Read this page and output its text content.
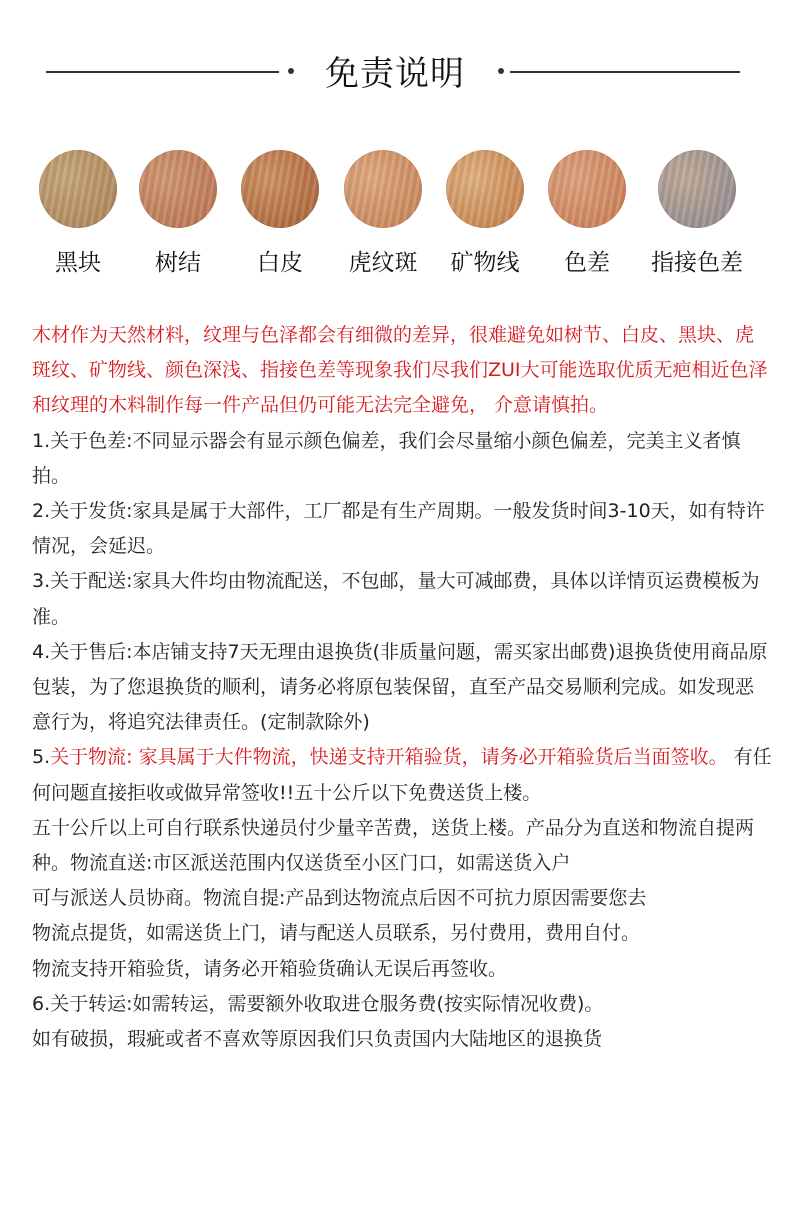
免责说明
黑块	树结	白皮	虎纹斑	矿物线	色差	指接色差

木材作为天然材料，纹理与色泽都会有细微的差异，很难避免如树节、白皮、黑块、虎斑纹、矿物线、颜色深浅、指接色差等现象我们尽我们ZUI大可能选取优质无疤相近色泽和纹理的木料制作每一件产品但仍可能无法完全避免， 介意请慎拍。

1.关于色差:不同显示器会有显示颜色偏差，我们会尽量缩小颜色偏差，完美主义者慎拍。

2.关于发货:家具是属于大部件，工厂都是有生产周期。一般发货时间3-10天，如有特许情况，会延迟。

3.关于配送:家具大件均由物流配送，不包邮，量大可减邮费，具体以详情页运费模板为准。

4.关于售后:本店铺支持7天无理由退换货(非质量问题，需买家出邮费)退换货使用商品原包装，为了您退换货的顺利，请务必将原包装保留，直至产品交易顺利完成。如发现恶意行为，将追究法律责任。(定制款除外)

5.关于物流: 家具属于大件物流，快递支持开箱验货，请务必开箱验货后当面签收。 有任何问题直接拒收或做异常签收!!五十公斤以下免费送货上楼。

五十公斤以上可自行联系快递员付少量辛苦费，送货上楼。产品分为直送和物流自提两种。物流直送:市区派送范围内仅送货至小区门口，如需送货入户

可与派送人员协商。物流自提:产品到达物流点后因不可抗力原因需要您去

物流点提货，如需送货上门，请与配送人员联系，另付费用，费用自付。

物流支持开箱验货，请务必开箱验货确认无误后再签收。

6.关于转运:如需转运，需要额外收取进仓服务费(按实际情况收费)。

如有破损，瑕疵或者不喜欢等原因我们只负责国内大陆地区的退换货
